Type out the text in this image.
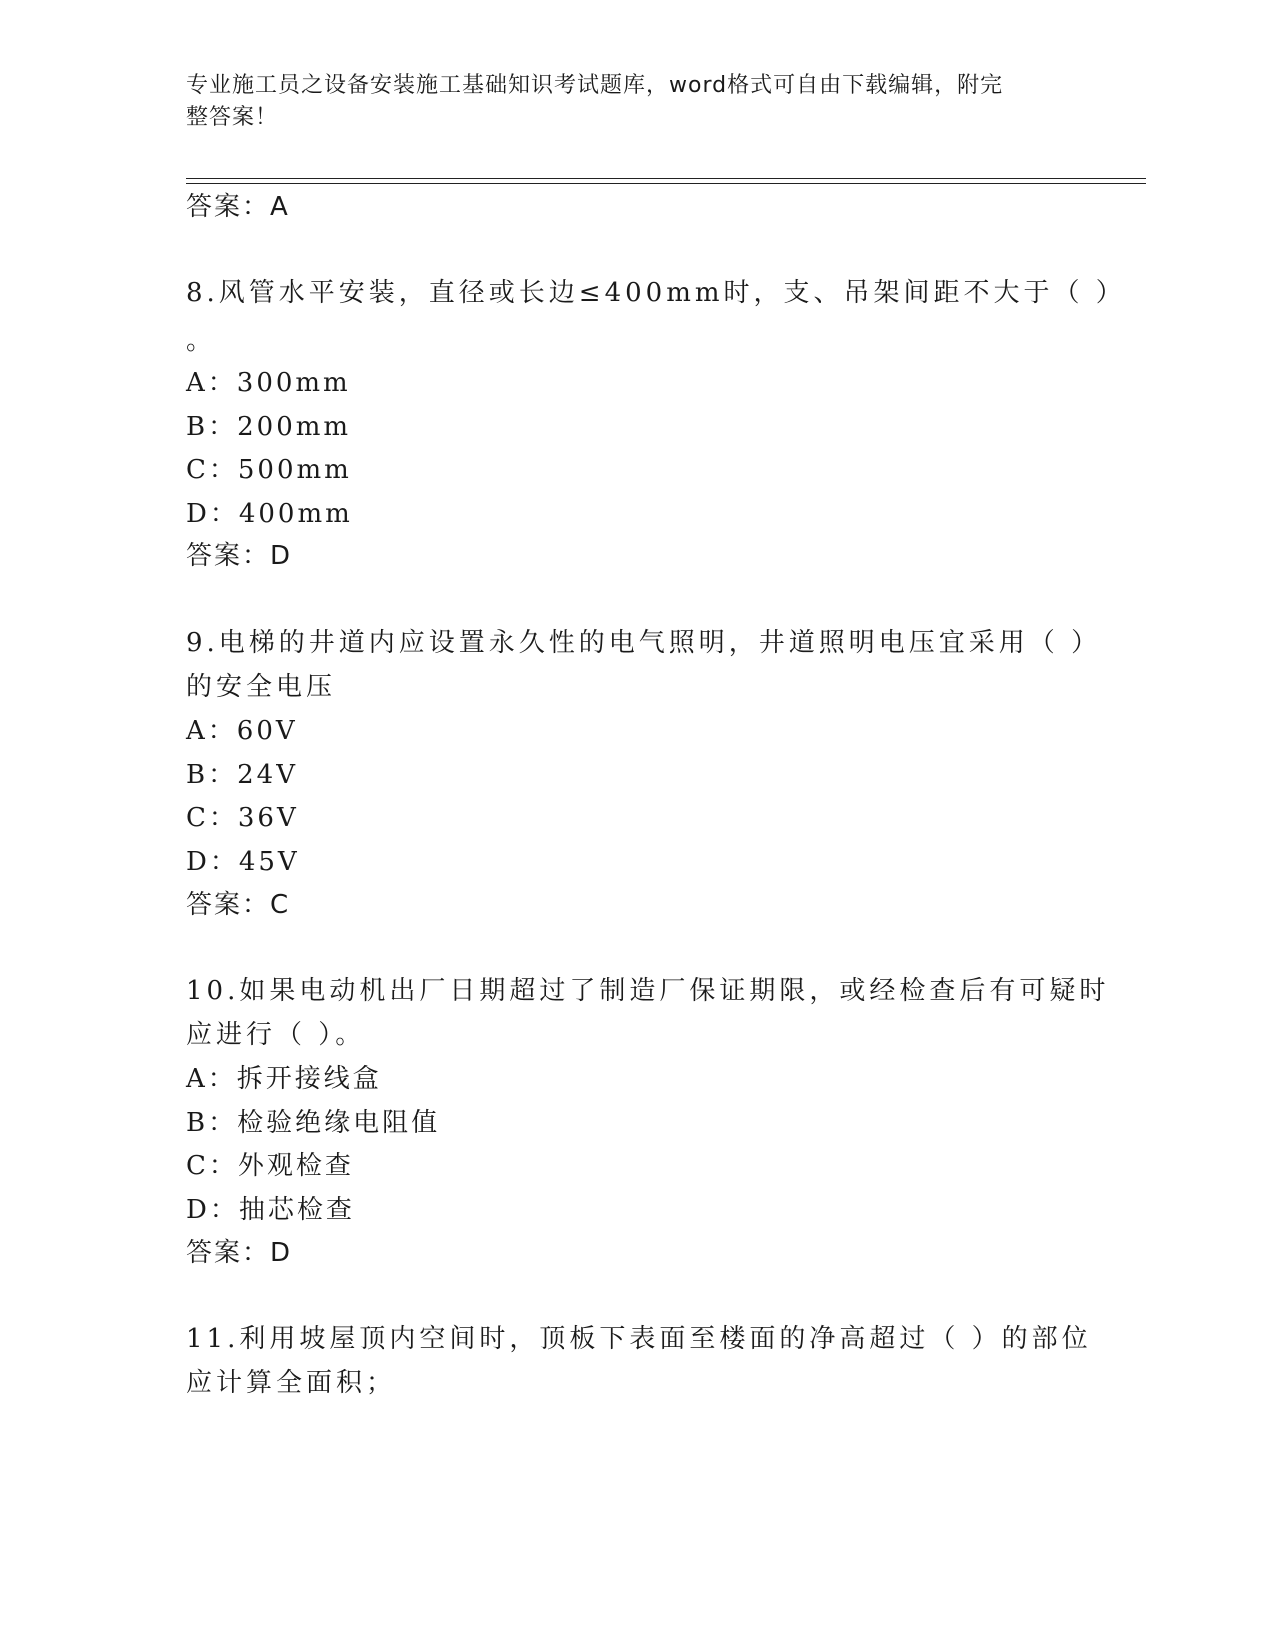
专业施工员之设备安装施工基础知识考试题库，word格式可自由下载编辑，附完
整答案！
答案：A
8.风管水平安装，直径或长边≤400mm时，支、吊架间距不大于（ ）
。
A：300mm
B：200mm
C：500mm
D：400mm
答案：D
9.电梯的井道内应设置永久性的电气照明，井道照明电压宜采用（ ）
的安全电压
A：60V
B：24V
C：36V
D：45V
答案：C
10.如果电动机出厂日期超过了制造厂保证期限，或经检查后有可疑时
应进行（ ）。
A：拆开接线盒
B：检验绝缘电阻值
C：外观检查
D：抽芯检查
答案：D
11.利用坡屋顶内空间时，顶板下表面至楼面的净高超过（ ）的部位
应计算全面积；
